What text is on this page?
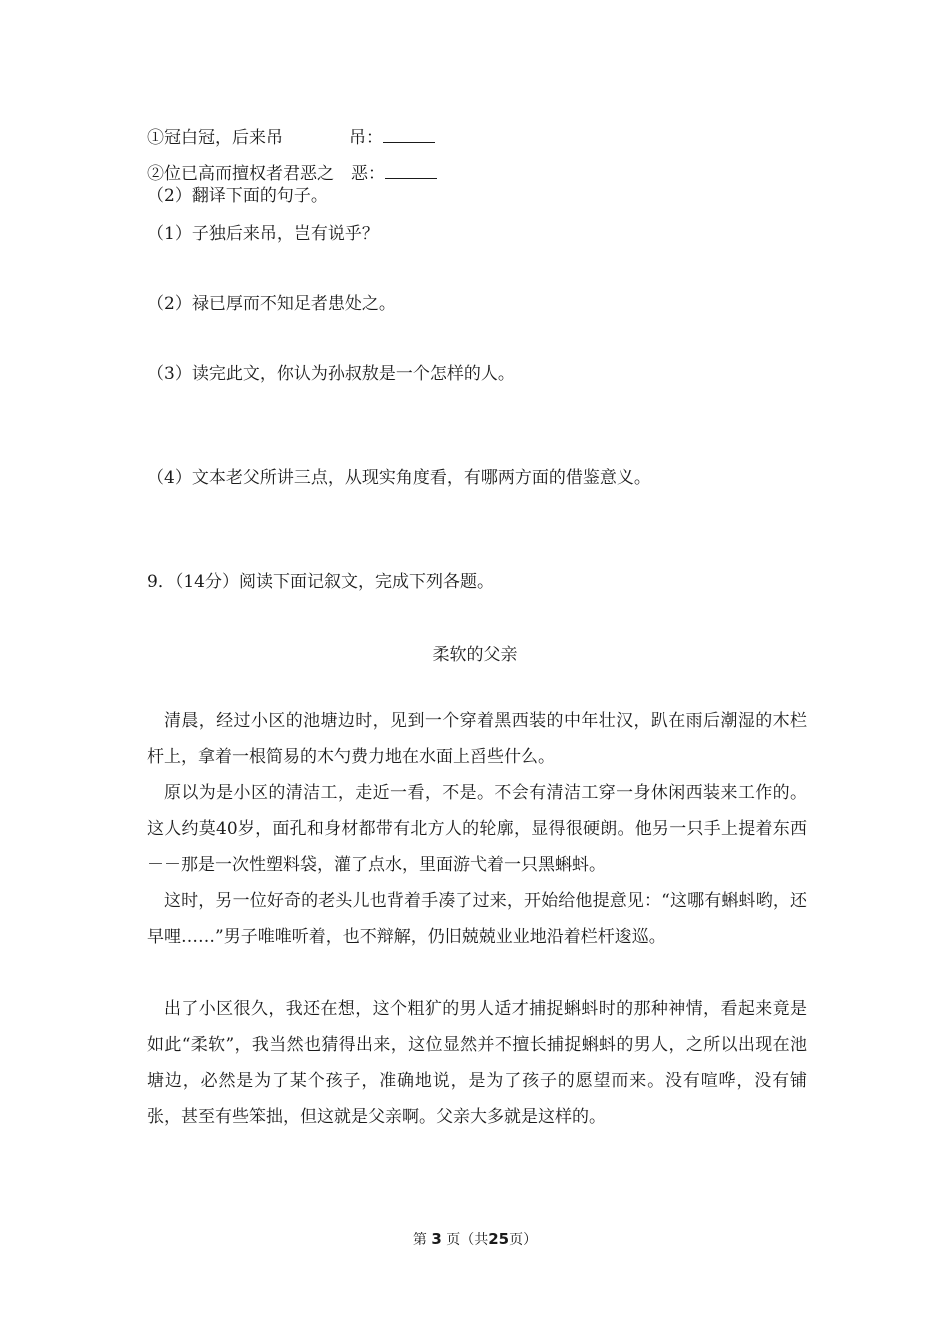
①冠白冠，后来吊	吊：
②位已高而擅权者君恶之 恶：
（2）翻译下面的句子。
（1）子独后来吊，岂有说乎？
（2）禄已厚而不知足者患处之。
（3）读完此文，你认为孙叔敖是一个怎样的人。
（4）文本老父所讲三点，从现实角度看，有哪两方面的借鉴意义。
9．（14分）阅读下面记叙文，完成下列各题。
柔软的父亲
清晨，经过小区的池塘边时，见到一个穿着黑西装的中年壮汉，趴在雨后潮湿的木栏杆上，拿着一根简易的木勺费力地在水面上舀些什么。
原以为是小区的清洁工，走近一看，不是。不会有清洁工穿一身休闲西装来工作的。这人约莫40岁，面孔和身材都带有北方人的轮廓，显得很硬朗。他另一只手上提着东西－－那是一次性塑料袋，灌了点水，里面游弋着一只黑蝌蚪。
这时，另一位好奇的老头儿也背着手凑了过来，开始给他提意见：“这哪有蝌蚪哟，还早哩……”男子唯唯听着，也不辩解，仍旧兢兢业业地沿着栏杆逡巡。
出了小区很久，我还在想，这个粗犷的男人适才捕捉蝌蚪时的那种神情，看起来竟是如此“柔软”，我当然也猜得出来，这位显然并不擅长捕捉蝌蚪的男人，之所以出现在池塘边，必然是为了某个孩子，准确地说，是为了孩子的愿望而来。没有喧哗，没有铺张，甚至有些笨拙，但这就是父亲啊。父亲大多就是这样的。
第 3 页（共25页）
